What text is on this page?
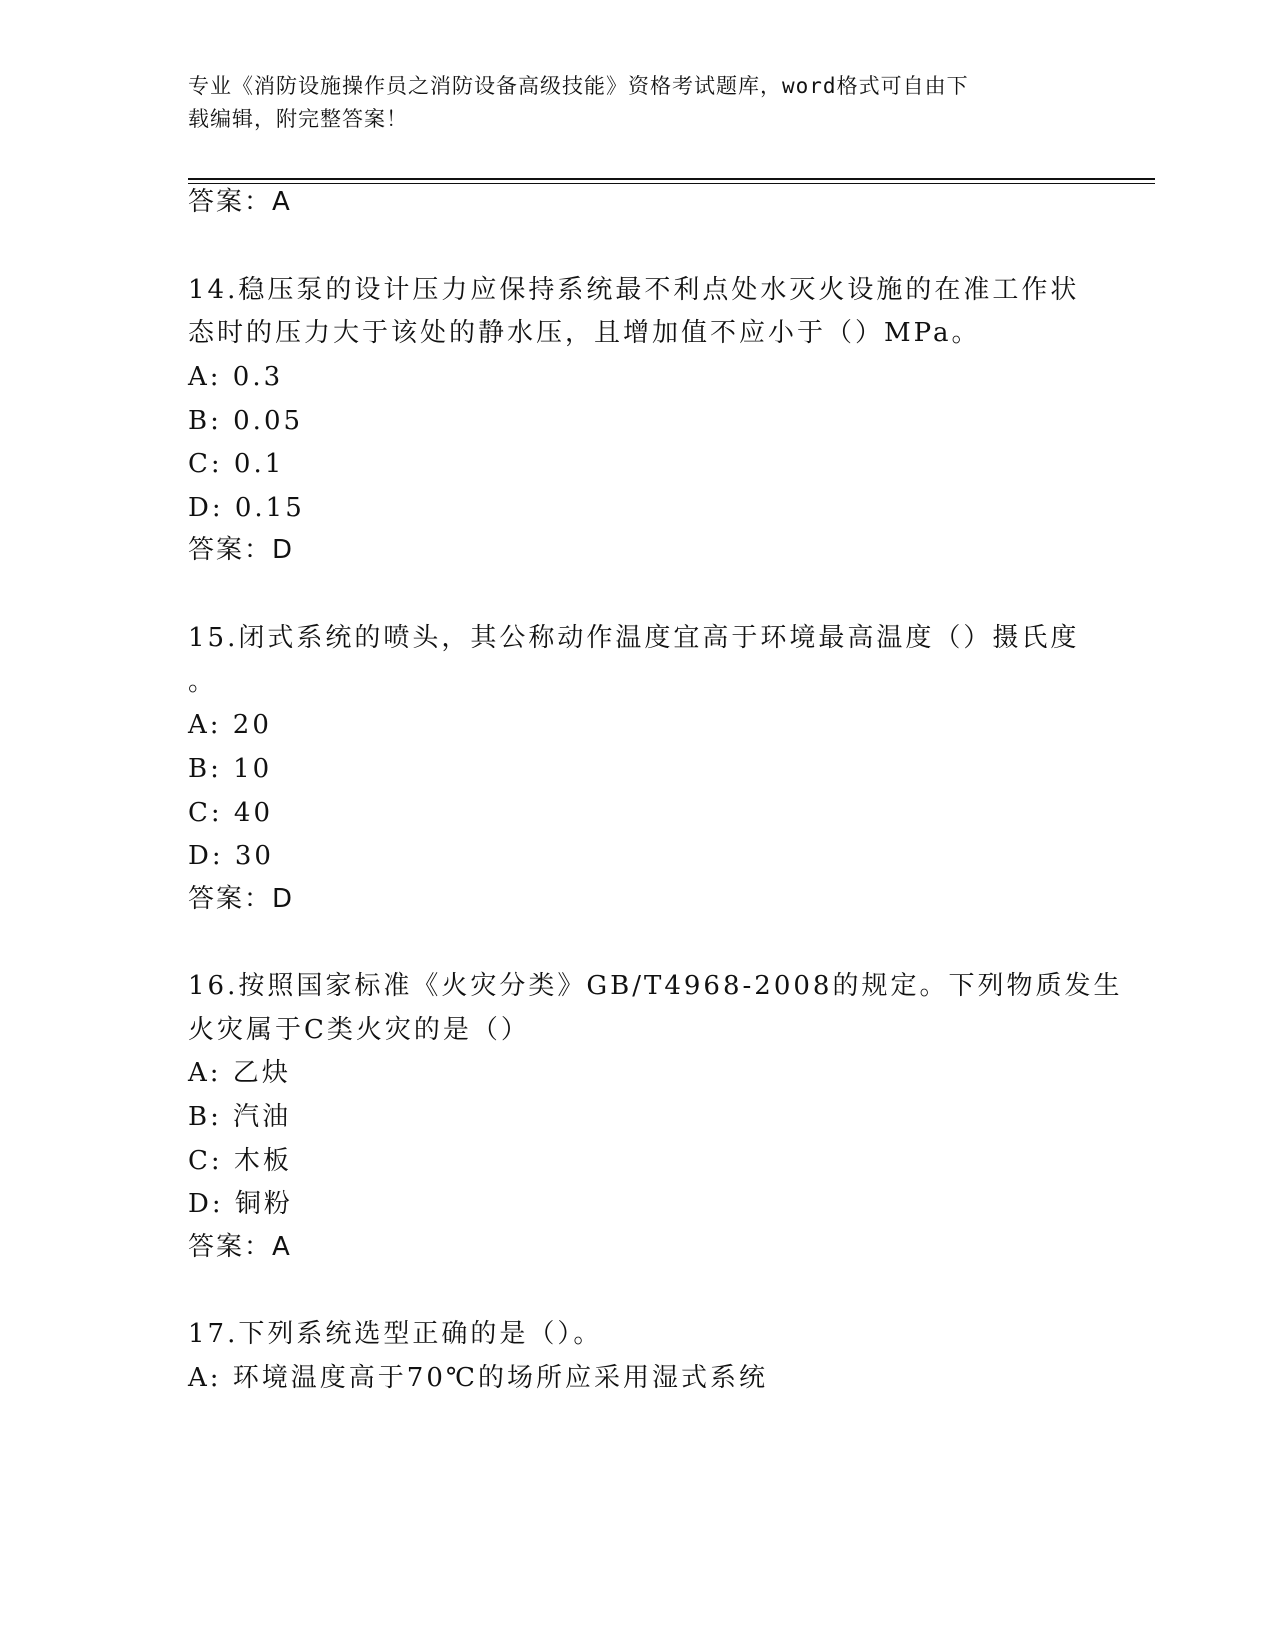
专业《消防设施操作员之消防设备高级技能》资格考试题库，word格式可自由下
载编辑，附完整答案！
答案：A
14.稳压泵的设计压力应保持系统最不利点处水灭火设施的在准工作状
态时的压力大于该处的静水压，且增加值不应小于（）MPa。
A: 0.3
B: 0.05
C: 0.1
D: 0.15
答案：D
15.闭式系统的喷头，其公称动作温度宜高于环境最高温度（）摄氏度
。
A: 20
B: 10
C: 40
D: 30
答案：D
16.按照国家标准《火灾分类》GB/T4968-2008的规定。下列物质发生
火灾属于C类火灾的是（）
A: 乙炔
B: 汽油
C: 木板
D: 铜粉
答案：A
17.下列系统选型正确的是（）。
A: 环境温度高于70℃的场所应采用湿式系统
